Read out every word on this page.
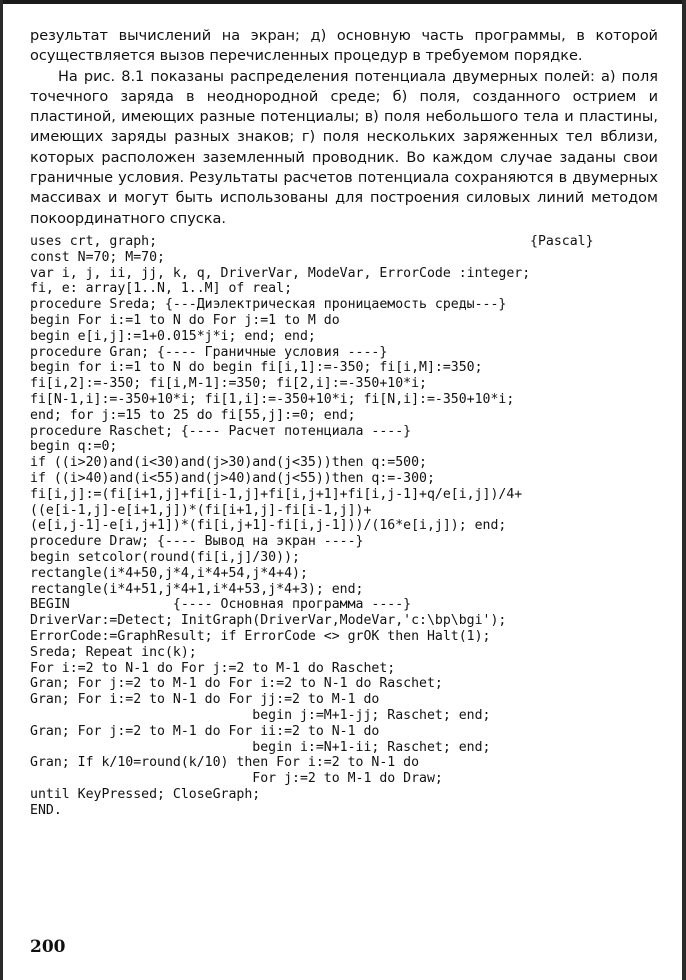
результат вычислений на экран; д) основную часть программы, в которой осуществляется вызов перечисленных процедур в требуемом порядке.

На рис. 8.1 показаны распределения потенциала двумерных полей: а) поля точечного заряда в неоднородной среде; б) поля, созданного острием и пластиной, имеющих разные потенциалы; в) поля небольшого тела и пластины, имеющих заряды разных знаков; г) поля нескольких заряженных тел вблизи, которых расположен заземленный проводник. Во каждом случае заданы свои граничные условия. Результаты расчетов потенциала сохраняются в двумерных массивах и могут быть использованы для построения силовых линий методом покоординатного спуска.

uses crt, graph;	{Pascal}
const N=70; M=70;
var i, j, ii, jj, k, q, DriverVar, ModeVar, ErrorCode :integer;
fi, e: array[1..N, 1..M] of real;
procedure Sreda; {---Диэлектрическая проницаемость среды---}
begin For i:=1 to N do For j:=1 to M do
begin e[i,j]:=1+0.015*j*i; end; end;
procedure Gran; {---- Граничные условия ----}
begin for i:=1 to N do begin fi[i,1]:=-350; fi[i,M]:=350;
fi[i,2]:=-350; fi[i,M-1]:=350; fi[2,i]:=-350+10*i;
fi[N-1,i]:=-350+10*i; fi[1,i]:=-350+10*i; fi[N,i]:=-350+10*i;
end; for j:=15 to 25 do fi[55,j]:=0; end;
procedure Raschet; {---- Расчет потенциала ----}
begin q:=0;
if ((i>20)and(i<30)and(j>30)and(j<35))then q:=500;
if ((i>40)and(i<55)and(j>40)and(j<55))then q:=-300;
fi[i,j]:=(fi[i+1,j]+fi[i-1,j]+fi[i,j+1]+fi[i,j-1]+q/e[i,j])/4+
((e[i-1,j]-e[i+1,j])*(fi[i+1,j]-fi[i-1,j])+
(e[i,j-1]-e[i,j+1])*(fi[i,j+1]-fi[i,j-1]))/(16*e[i,j]); end;
procedure Draw; {---- Вывод на экран ----}
begin setcolor(round(fi[i,j]/30));
rectangle(i*4+50,j*4,i*4+54,j*4+4);
rectangle(i*4+51,j*4+1,i*4+53,j*4+3); end;
BEGIN             {---- Основная программа ----}
DriverVar:=Detect; InitGraph(DriverVar,ModeVar,'c:\bp\bgi');
ErrorCode:=GraphResult; if ErrorCode <> grOK then Halt(1);
Sreda; Repeat inc(k);
For i:=2 to N-1 do For j:=2 to M-1 do Raschet;
Gran; For j:=2 to M-1 do For i:=2 to N-1 do Raschet;
Gran; For i:=2 to N-1 do For jj:=2 to M-1 do
begin j:=M+1-jj; Raschet; end;
Gran; For j:=2 to M-1 do For ii:=2 to N-1 do
begin i:=N+1-ii; Raschet; end;
Gran; If k/10=round(k/10) then For i:=2 to N-1 do
For j:=2 to M-1 do Draw;
until KeyPressed; CloseGraph;
END.
200
